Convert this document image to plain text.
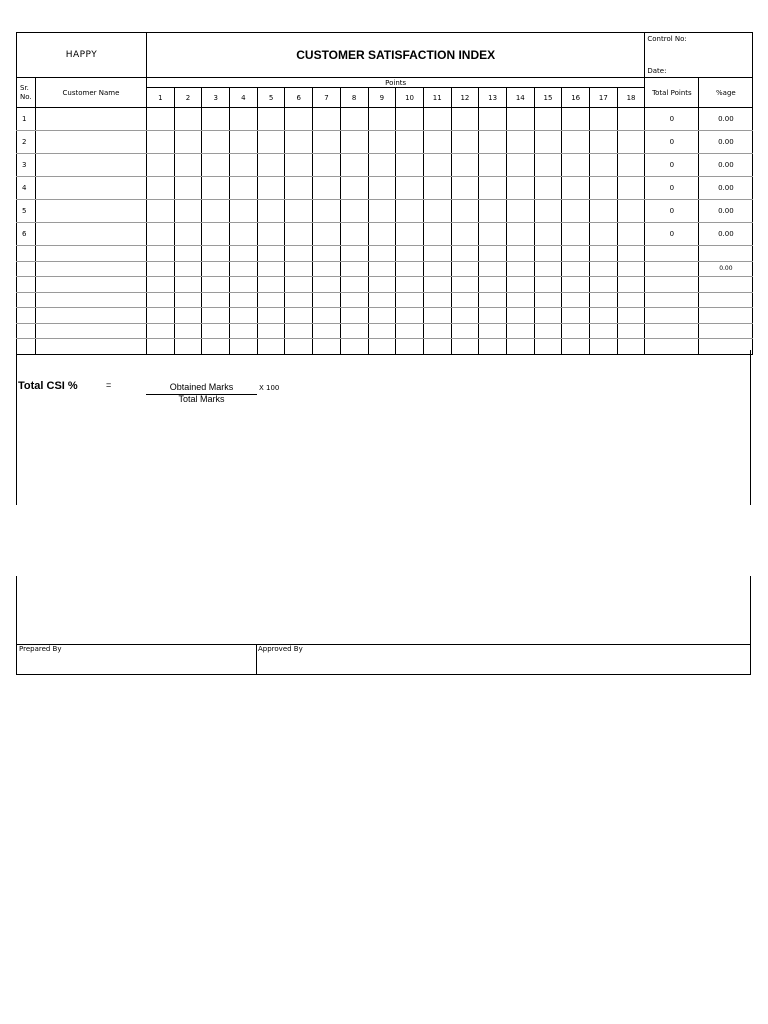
HAPPY		CUSTOMER SATISFACTION INDEX																		Control No:
Date:	

Sr. No.	Customer Name	Points																		Total Points	%age
		1	2	3	4	5	6	7	8	9	10	11	12	13	14	15	16	17	18		
1																				0	0.00
2																				0	0.00
3																				0	0.00
4																				0	0.00
5																				0	0.00
6																				0	0.00

																					0.00

Total CSI %	=	Obtained Marks
Total Marks
X 100
Prepared By	Approved By
